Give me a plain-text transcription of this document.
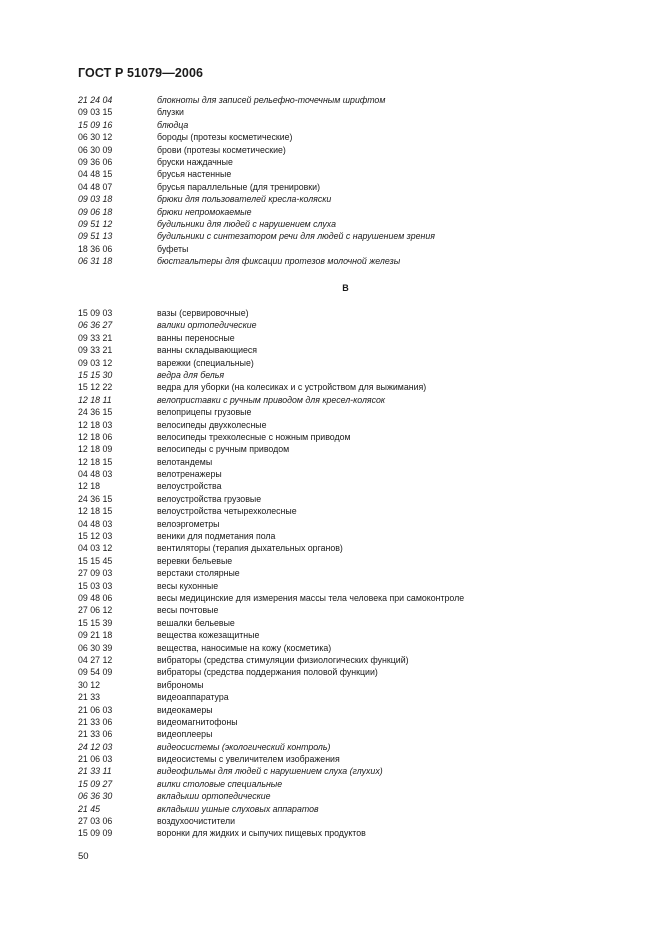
ГОСТ Р 51079—2006
21 24 04	блокноты для записей рельефно-точечным шрифтом
09 03 15	блузки
15 09 16	блюдца
06 30 12	бороды (протезы косметические)
06 30 09	брови (протезы косметические)
09 36 06	бруски наждачные
04 48 15	брусья настенные
04 48 07	брусья параллельные (для тренировки)
09 03 18	брюки для пользователей кресла-коляски
09 06 18	брюки непромокаемые
09 51 12	будильники для людей с нарушением слуха
09 51 13	будильники с синтезатором речи для людей с нарушением зрения
18 36 06	буфеты
06 31 18	бюстгальтеры для фиксации протезов молочной железы
В
15 09 03	вазы (сервировочные)
06 36 27	валики ортопедические
09 33 21	ванны переносные
09 33 21	ванны складывающиеся
09 03 12	варежки (специальные)
15 15 30	ведра для белья
15 12 22	ведра для уборки (на колесиках и с устройством для выжимания)
12 18 11	велоприставки с ручным приводом для кресел-колясок
24 36 15	велоприцепы грузовые
12 18 03	велосипеды двухколесные
12 18 06	велосипеды трехколесные с ножным приводом
12 18 09	велосипеды с ручным приводом
12 18 15	велотандемы
04 48 03	велотренажеры
12 18	велоустройства
24 36 15	велоустройства грузовые
12 18 15	велоустройства четырехколесные
04 48 03	велоэргометры
15 12 03	веники для подметания пола
04 03 12	вентиляторы (терапия дыхательных органов)
15 15 45	веревки бельевые
27 09 03	верстаки столярные
15 03 03	весы кухонные
09 48 06	весы медицинские для измерения массы тела человека при самоконтроле
27 06 12	весы почтовые
15 15 39	вешалки бельевые
09 21 18	вещества кожезащитные
06 30 39	вещества, наносимые на кожу (косметика)
04 27 12	вибраторы (средства стимуляции физиологических функций)
09 54 09	вибраторы (средства поддержания половой функции)
30 12	виброномы
21 33	видеоаппаратура
21 06 03	видеокамеры
21 33 06	видеомагнитофоны
21 33 06	видеоплееры
24 12 03	видеосистемы (экологический контроль)
21 06 03	видеосистемы с увеличителем изображения
21 33 11	видеофильмы для людей с нарушением слуха (глухих)
15 09 27	вилки столовые специальные
06 36 30	вкладыши ортопедические
21 45	вкладыши ушные слуховых аппаратов
27 03 06	воздухоочистители
15 09 09	воронки для жидких и сыпучих пищевых продуктов
50
